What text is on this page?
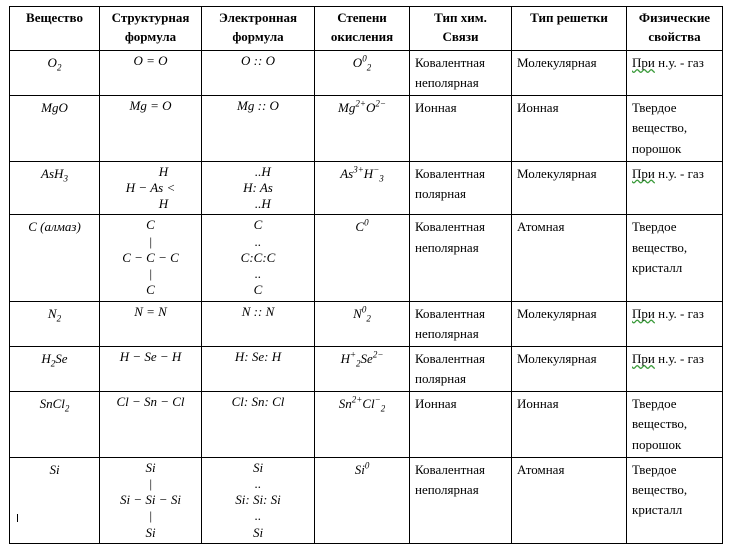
Вещество	Структурная формула	Электронная формула	Степени окисления	Тип хим. Связи	Тип решетки	Физические свойства
$O_2$	O = O	O :: O	$O^0_2$	Ковалентная неполярная	Молекулярная	При н.у. - газ
MgO	Mg = O	Mg :: O	$Mg^{2+}O^{2-}$	Ионная	Ионная	Твердое вещество, порошок
AsH$_3$	H
H − As <
H	..H
H: As
..H	$As^{3+}H^-_3$	Ковалентная полярная	Молекулярная	При н.у. - газ
C (алмаз)	C
|
C − C − C
|
C	C
..
C:C:C
..
C	$C^0$	Ковалентная неполярная	Атомная	Твердое вещество, кристалл
$N_2$	N = N	N :: N	$N^0_2$	Ковалентная неполярная	Молекулярная	При н.у. - газ
$H_2Se$	H − Se − H	H: Se: H	$H^+_2Se^{2-}$	Ковалентная полярная	Молекулярная	При н.у. - газ
SnCl$_2$	Cl − Sn − Cl	Cl: Sn: Cl	$Sn^{2+}Cl^-_2$	Ионная	Ионная	Твердое вещество, порошок
Si	Si
|
Si − Si − Si
|
Si	Si
..
Si: Si: Si
..
Si	Si$^0$	Ковалентная неполярная	Атомная	Твердое вещество, кристалл
